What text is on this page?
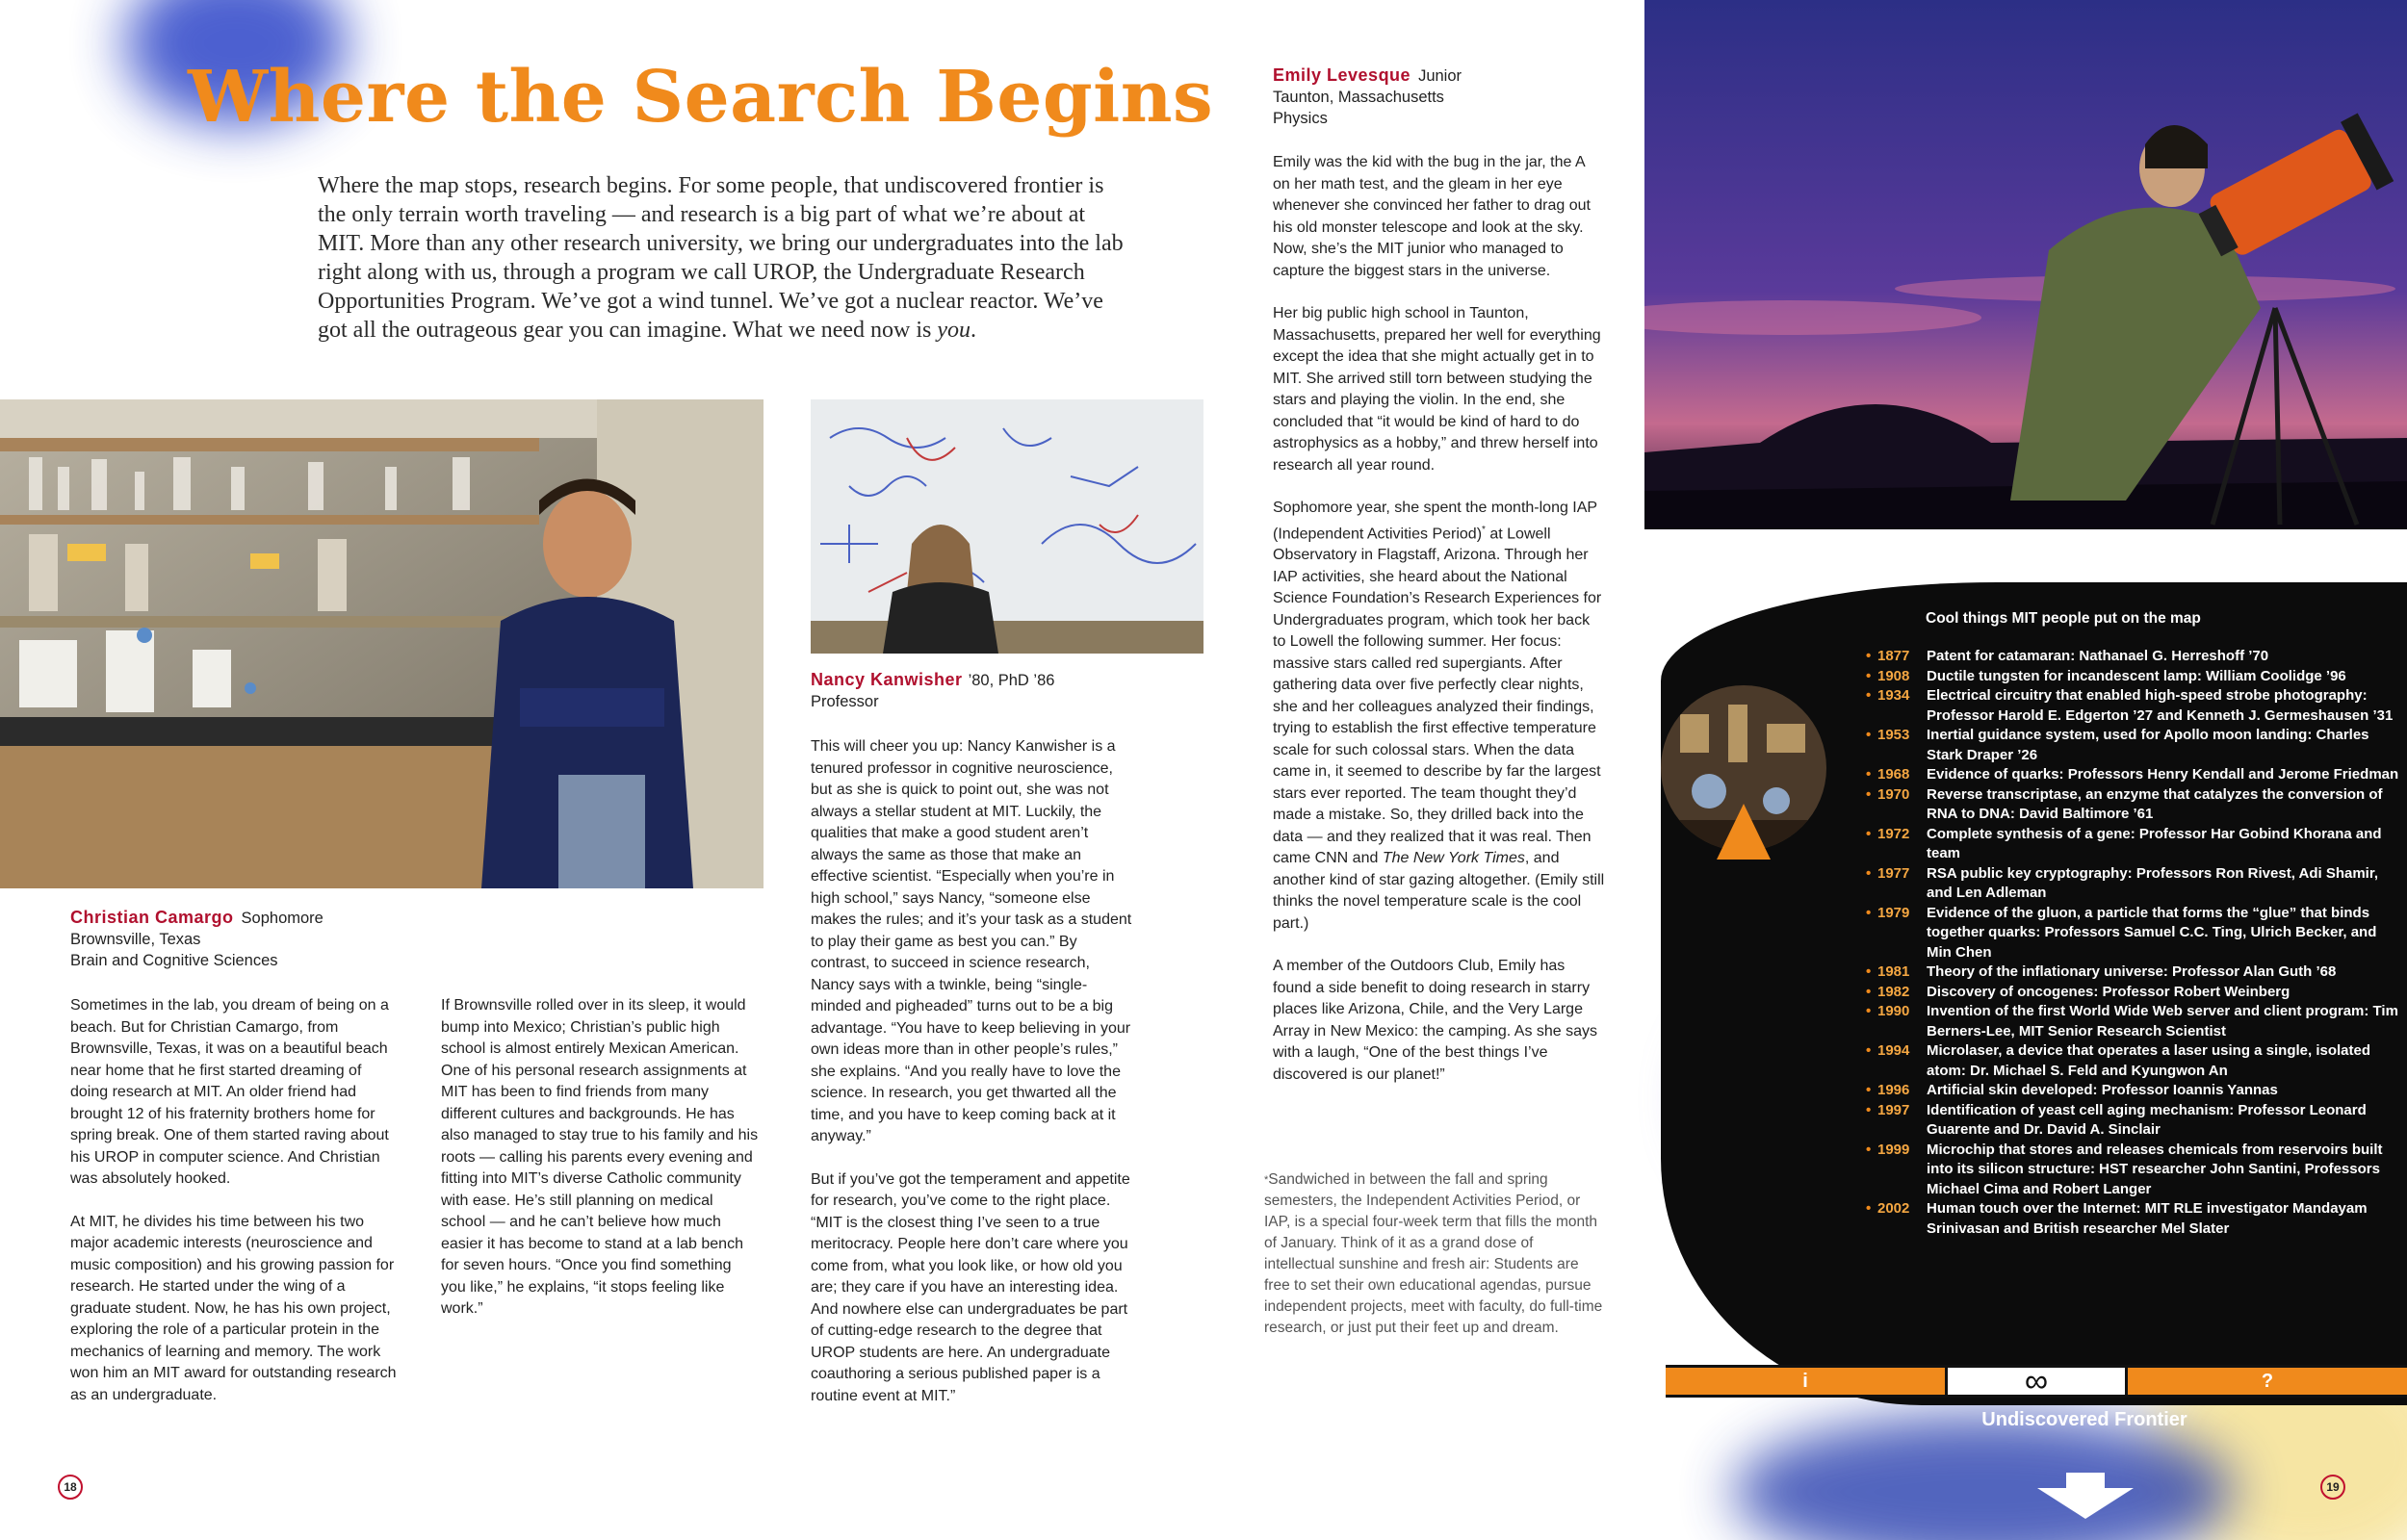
Where the Search Begins
Where the map stops, research begins. For some people, that undiscovered frontier is the only terrain worth traveling — and research is a big part of what we’re about at MIT. More than any other research university, we bring our undergraduates into the lab right along with us, through a program we call UROP, the Undergraduate Research Opportunities Program. We’ve got a wind tunnel. We’ve got a nuclear reactor. We’ve got all the outrageous gear you can imagine. What we need now is you.
Christian Camargo Sophomore
Brownsville, Texas
Brain and Cognitive Sciences

Sometimes in the lab, you dream of being on a beach. But for Christian Camargo, from Brownsville, Texas, it was on a beautiful beach near home that he first started dreaming of doing research at MIT. An older friend had brought 12 of his fraternity brothers home for spring break. One of them started raving about his UROP in computer science. And Christian was absolutely hooked.

At MIT, he divides his time between his two major academic interests (neuroscience and music composition) and his growing passion for research. He started under the wing of a graduate student. Now, he has his own project, exploring the role of a particular protein in the mechanics of learning and memory. The work won him an MIT award for outstanding research as an undergraduate.

If Brownsville rolled over in its sleep, it would bump into Mexico; Christian’s public high school is almost entirely Mexican American. One of his personal research assignments at MIT has been to find friends from many different cultures and backgrounds. He has also managed to stay true to his family and his roots — calling his parents every evening and fitting into MIT’s diverse Catholic community with ease. He’s still planning on medical school — and he can’t believe how much easier it has become to stand at a lab bench for seven hours. “Once you find something you like,” he explains, “it stops feeling like work.”

Nancy Kanwisher ’80, PhD ’86
Professor

This will cheer you up: Nancy Kanwisher is a tenured professor in cognitive neuroscience, but as she is quick to point out, she was not always a stellar student at MIT. Luckily, the qualities that make a good student aren’t always the same as those that make an effective scientist. “Especially when you’re in high school,” says Nancy, “someone else makes the rules; and it’s your task as a student to play their game as best you can.” By contrast, to succeed in science research, Nancy says with a twinkle, being “single-minded and pigheaded” turns out to be a big advantage. “You have to keep believing in your own ideas more than in other people’s rules,” she explains. “And you really have to love the science. In research, you get thwarted all the time, and you have to keep coming back at it anyway.”

But if you’ve got the temperament and appetite for research, you’ve come to the right place. “MIT is the closest thing I’ve seen to a true meritocracy. People here don’t care where you come from, what you look like, or how old you are; they care if you have an interesting idea. And nowhere else can undergraduates be part of cutting-edge research to the degree that UROP students are here. An undergraduate coauthoring a serious published paper is a routine event at MIT.”

Emily Levesque Junior
Taunton, Massachusetts
Physics

Emily was the kid with the bug in the jar, the A on her math test, and the gleam in her eye whenever she convinced her father to drag out his old monster telescope and look at the sky. Now, she’s the MIT junior who managed to capture the biggest stars in the universe.

Her big public high school in Taunton, Massachusetts, prepared her well for everything except the idea that she might actually get in to MIT. She arrived still torn between studying the stars and playing the violin. In the end, she concluded that “it would be kind of hard to do astrophysics as a hobby,” and threw herself into research all year round.

Sophomore year, she spent the month-long IAP (Independent Activities Period)* at Lowell Observatory in Flagstaff, Arizona. Through her IAP activities, she heard about the National Science Foundation’s Research Experiences for Undergraduates program, which took her back to Lowell the following summer. Her focus: massive stars called red supergiants. After gathering data over five perfectly clear nights, she and her colleagues analyzed their findings, trying to establish the first effective temperature scale for such colossal stars. When the data came in, it seemed to describe by far the largest stars ever reported. The team thought they’d made a mistake. So, they drilled back into the data — and they realized that it was real. Then came CNN and The New York Times, and another kind of star gazing altogether. (Emily still thinks the novel temperature scale is the cool part.)

A member of the Outdoors Club, Emily has found a side benefit to doing research in starry places like Arizona, Chile, and the Very Large Array in New Mexico: the camping. As she says with a laugh, “One of the best things I’ve discovered is our planet!”

*Sandwiched in between the fall and spring semesters, the Independent Activities Period, or IAP, is a special four-week term that fills the month of January. Think of it as a grand dose of intellectual sunshine and fresh air: Students are free to set their own educational agendas, pursue independent projects, meet with faculty, do full-time research, or just put their feet up and dream.
Cool things MIT people put on the map
• 1877 Patent for catamaran: Nathanael G. Herreshoff ’70
• 1908 Ductile tungsten for incandescent lamp: William Coolidge ’96
• 1934 Electrical circuitry that enabled high-speed strobe photography: Professor Harold E. Edgerton ’27 and Kenneth J. Germeshausen ’31
• 1953 Inertial guidance system, used for Apollo moon landing: Charles Stark Draper ’26
• 1968 Evidence of quarks: Professors Henry Kendall and Jerome Friedman
• 1970 Reverse transcriptase, an enzyme that catalyzes the conversion of RNA to DNA: David Baltimore ’61
• 1972 Complete synthesis of a gene: Professor Har Gobind Khorana and team
• 1977 RSA public key cryptography: Professors Ron Rivest, Adi Shamir, and Len Adleman
• 1979 Evidence of the gluon, a particle that forms the “glue” that binds together quarks: Professors Samuel C.C. Ting, Ulrich Becker, and Min Chen
• 1981 Theory of the inflationary universe: Professor Alan Guth ’68
• 1982 Discovery of oncogenes: Professor Robert Weinberg
• 1990 Invention of the first World Wide Web server and client program: Tim Berners-Lee, MIT Senior Research Scientist
• 1994 Microlaser, a device that operates a laser using a single, isolated atom: Dr. Michael S. Feld and Kyungwon An
• 1996 Artificial skin developed: Professor Ioannis Yannas
• 1997 Identification of yeast cell aging mechanism: Professor Leonard Guarente and Dr. David A. Sinclair
• 1999 Microchip that stores and releases chemicals from reservoirs built into its silicon structure: HST researcher John Santini, Professors Michael Cima and Robert Langer
• 2002 Human touch over the Internet: MIT RLE investigator Mandayam Srinivasan and British researcher Mel Slater
i	∞	?
Undiscovered Frontier
18	19
